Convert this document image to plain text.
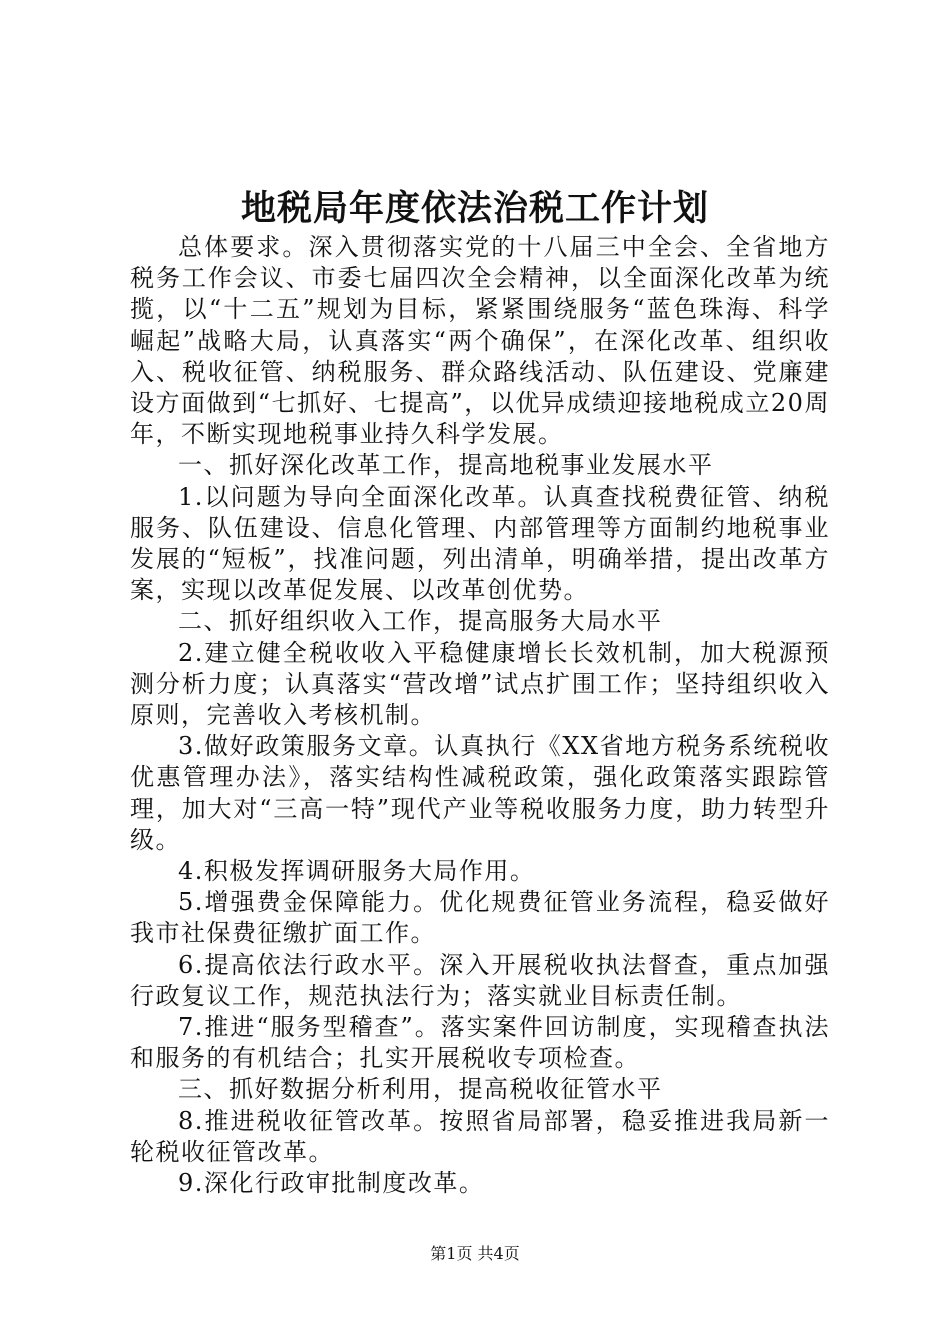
地税局年度依法治税工作计划

总体要求。深入贯彻落实党的十八届三中全会、全省地方税务工作会议、市委七届四次全会精神，以全面深化改革为统揽，以“十二五”规划为目标，紧紧围绕服务“蓝色珠海、科学崛起”战略大局，认真落实“两个确保”，在深化改革、组织收入、税收征管、纳税服务、群众路线活动、队伍建设、党廉建设方面做到“七抓好、七提高”，以优异成绩迎接地税成立20周年，不断实现地税事业持久科学发展。

一、抓好深化改革工作，提高地税事业发展水平

1.以问题为导向全面深化改革。认真查找税费征管、纳税服务、队伍建设、信息化管理、内部管理等方面制约地税事业发展的“短板”，找准问题，列出清单，明确举措，提出改革方案，实现以改革促发展、以改革创优势。

二、抓好组织收入工作，提高服务大局水平

2.建立健全税收收入平稳健康增长长效机制，加大税源预测分析力度；认真落实“营改增”试点扩围工作；坚持组织收入原则，完善收入考核机制。

3.做好政策服务文章。认真执行《XX省地方税务系统税收优惠管理办法》，落实结构性减税政策，强化政策落实跟踪管理，加大对“三高一特”现代产业等税收服务力度，助力转型升级。

4.积极发挥调研服务大局作用。

5.增强费金保障能力。优化规费征管业务流程，稳妥做好我市社保费征缴扩面工作。

6.提高依法行政水平。深入开展税收执法督查，重点加强行政复议工作，规范执法行为；落实就业目标责任制。

7.推进“服务型稽查”。落实案件回访制度，实现稽查执法和服务的有机结合；扎实开展税收专项检查。

三、抓好数据分析利用，提高税收征管水平

8.推进税收征管改革。按照省局部署，稳妥推进我局新一轮税收征管改革。

9.深化行政审批制度改革。

第1页 共4页
